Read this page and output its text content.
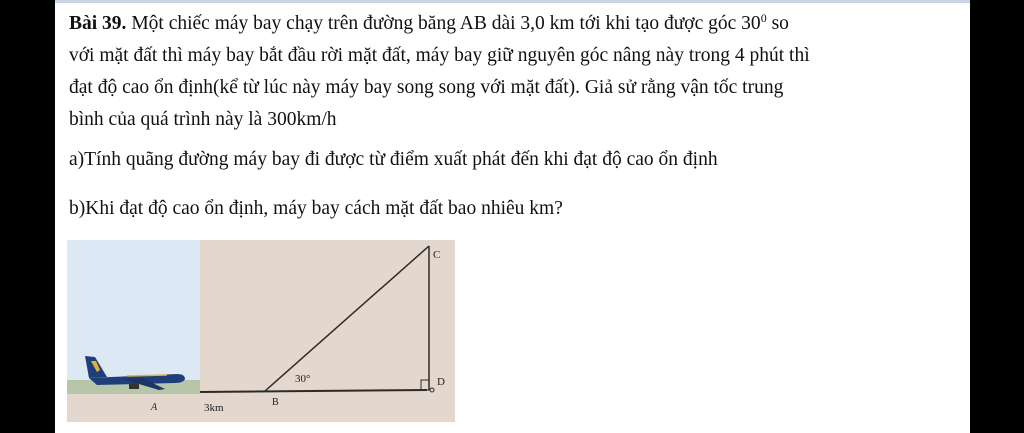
Bài 39. Một chiếc máy bay chạy trên đường băng AB dài 3,0 km tới khi tạo được góc $30^0$ so
với mặt đất thì máy bay bắt đầu rời mặt đất, máy bay giữ nguyên góc nâng này trong 4 phút thì
đạt độ cao ổn định(kể từ lúc này máy bay song song với mặt đất). Giả sử rằng vận tốc trung
bình của quá trình này là 300km/h
a)Tính quãng đường máy bay đi được từ điểm xuất phát đến khi đạt độ cao ổn định
b)Khi đạt độ cao ổn định, máy bay cách mặt đất bao nhiêu km?
C
D
30°
A	3km	B
